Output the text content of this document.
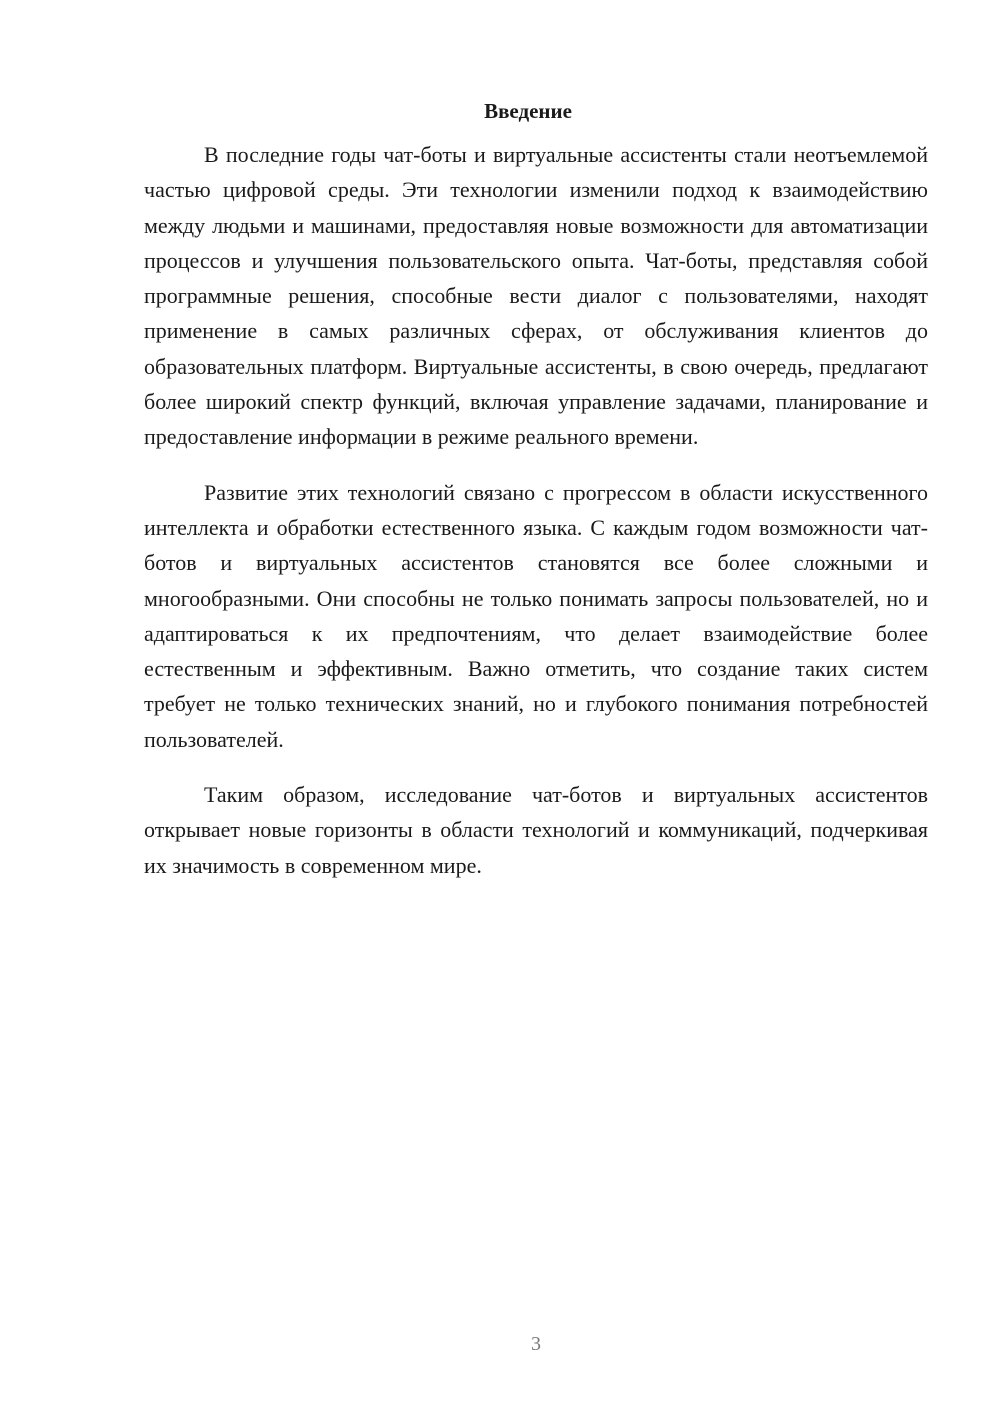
Введение

В последние годы чат-боты и виртуальные ассистенты стали неотъемлемой частью цифровой среды. Эти технологии изменили подход к взаимодействию между людьми и машинами, предоставляя новые возможности для автоматизации процессов и улучшения пользовательского опыта. Чат-боты, представляя собой программные решения, способные вести диалог с пользователями, находят применение в самых различных сферах, от обслуживания клиентов до образовательных платформ. Виртуальные ассистенты, в свою очередь, предлагают более широкий спектр функций, включая управление задачами, планирование и предоставление информации в режиме реального времени.

Развитие этих технологий связано с прогрессом в области искусственного интеллекта и обработки естественного языка. С каждым годом возможности чат-ботов и виртуальных ассистентов становятся все более сложными и многообразными. Они способны не только понимать запросы пользователей, но и адаптироваться к их предпочтениям, что делает взаимодействие более естественным и эффективным. Важно отметить, что создание таких систем требует не только технических знаний, но и глубокого понимания потребностей пользователей.

Таким образом, исследование чат-ботов и виртуальных ассистентов открывает новые горизонты в области технологий и коммуникаций, подчеркивая их значимость в современном мире.

3
